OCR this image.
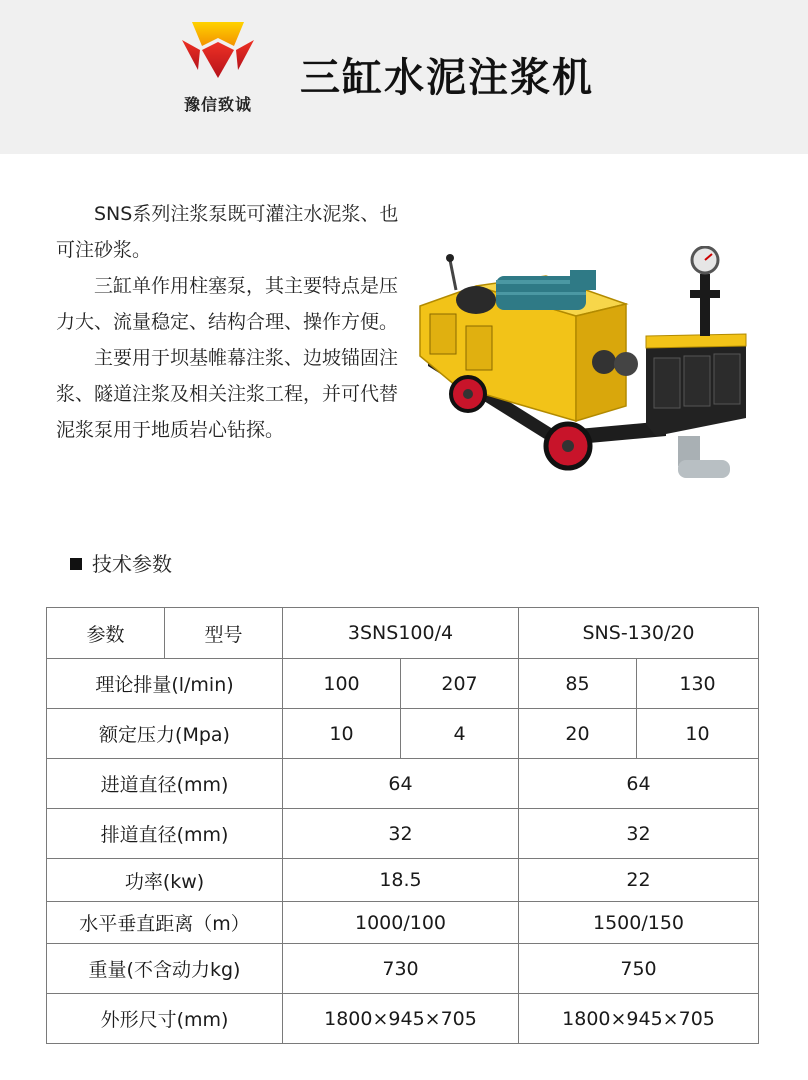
豫信致诚
三缸水泥注浆机

SNS系列注浆泵既可灌注水泥浆、也可注砂浆。

三缸单作用柱塞泵，其主要特点是压力大、流量稳定、结构合理、操作方便。

主要用于坝基帷幕注浆、边坡锚固注浆、隧道注浆及相关注浆工程，并可代替泥浆泵用于地质岩心钻探。

技术参数
参数	型号	3SNS100/4		SNS-130/20	
理论排量(l/min)		100	207	85	130
额定压力(Mpa)		10	4	20	10
进道直径(mm)		64		64	
排道直径(mm)		32		32	
功率(kw)		18.5		22	
水平垂直距离（m）		1000/100		1500/150	
重量(不含动力kg)		730		750	
外形尺寸(mm)		1800×945×705		1800×945×705	
